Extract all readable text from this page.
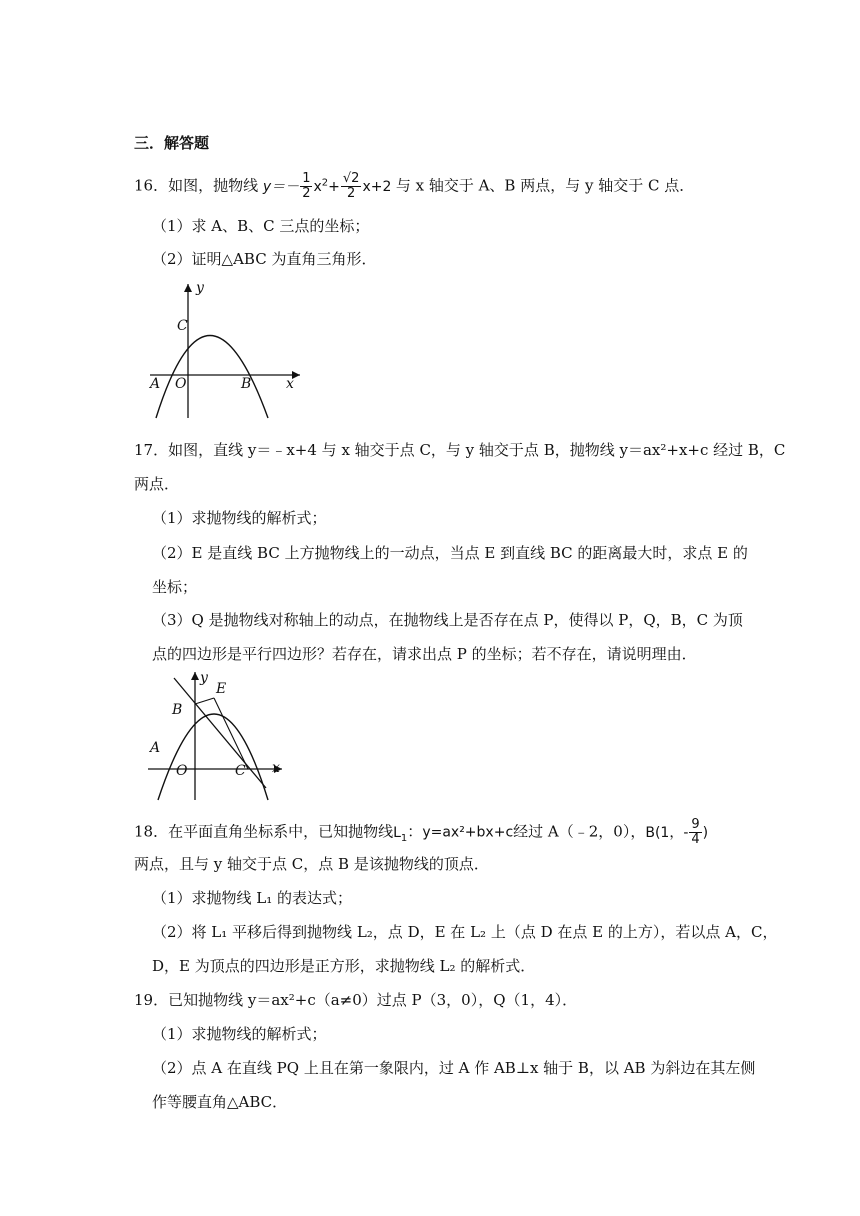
三．解答题
16．如图，抛物线 $y=- \frac{1}{2} x^2+ \frac{√2}{2} x+2$ 与 x 轴交于 A、B 两点，与 y 轴交于 C 点．
（1）求 A、B、C 三点的坐标；
（2）证明△ABC 为直角三角形．
y
x
A O	B
C
17．如图，直线 y＝﹣x+4 与 x 轴交于点 C，与 y 轴交于点 B，抛物线 y＝ax²+x+c 经过 B，C
两点．
（1）求抛物线的解析式；
（2）E 是直线 BC 上方抛物线上的一动点，当点 E 到直线 BC 的距离最大时，求点 E 的
坐标；
（3）Q 是抛物线对称轴上的动点，在抛物线上是否存在点 P，使得以 P，Q，B，C 为顶
点的四边形是平行四边形？若存在，请求出点 P 的坐标；若不存在，请说明理由．
y
x
A
O	C
B
E
18．在平面直角坐标系中，已知抛物线$L_1$：y=ax²+bx+c经过 A（﹣2，0），B(1，- $\frac{9}{4}$ )
两点，且与 y 轴交于点 C，点 B 是该抛物线的顶点．
（1）求抛物线 L₁ 的表达式；
（2）将 L₁ 平移后得到抛物线 L₂，点 D，E 在 L₂ 上（点 D 在点 E 的上方），若以点 A，C，
D，E 为顶点的四边形是正方形，求抛物线 L₂ 的解析式．
19．已知抛物线 y＝ax²+c（a≠0）过点 P（3，0），Q（1，4）．
（1）求抛物线的解析式；
（2）点 A 在直线 PQ 上且在第一象限内，过 A 作 AB⊥x 轴于 B，以 AB 为斜边在其左侧
作等腰直角△ABC．
